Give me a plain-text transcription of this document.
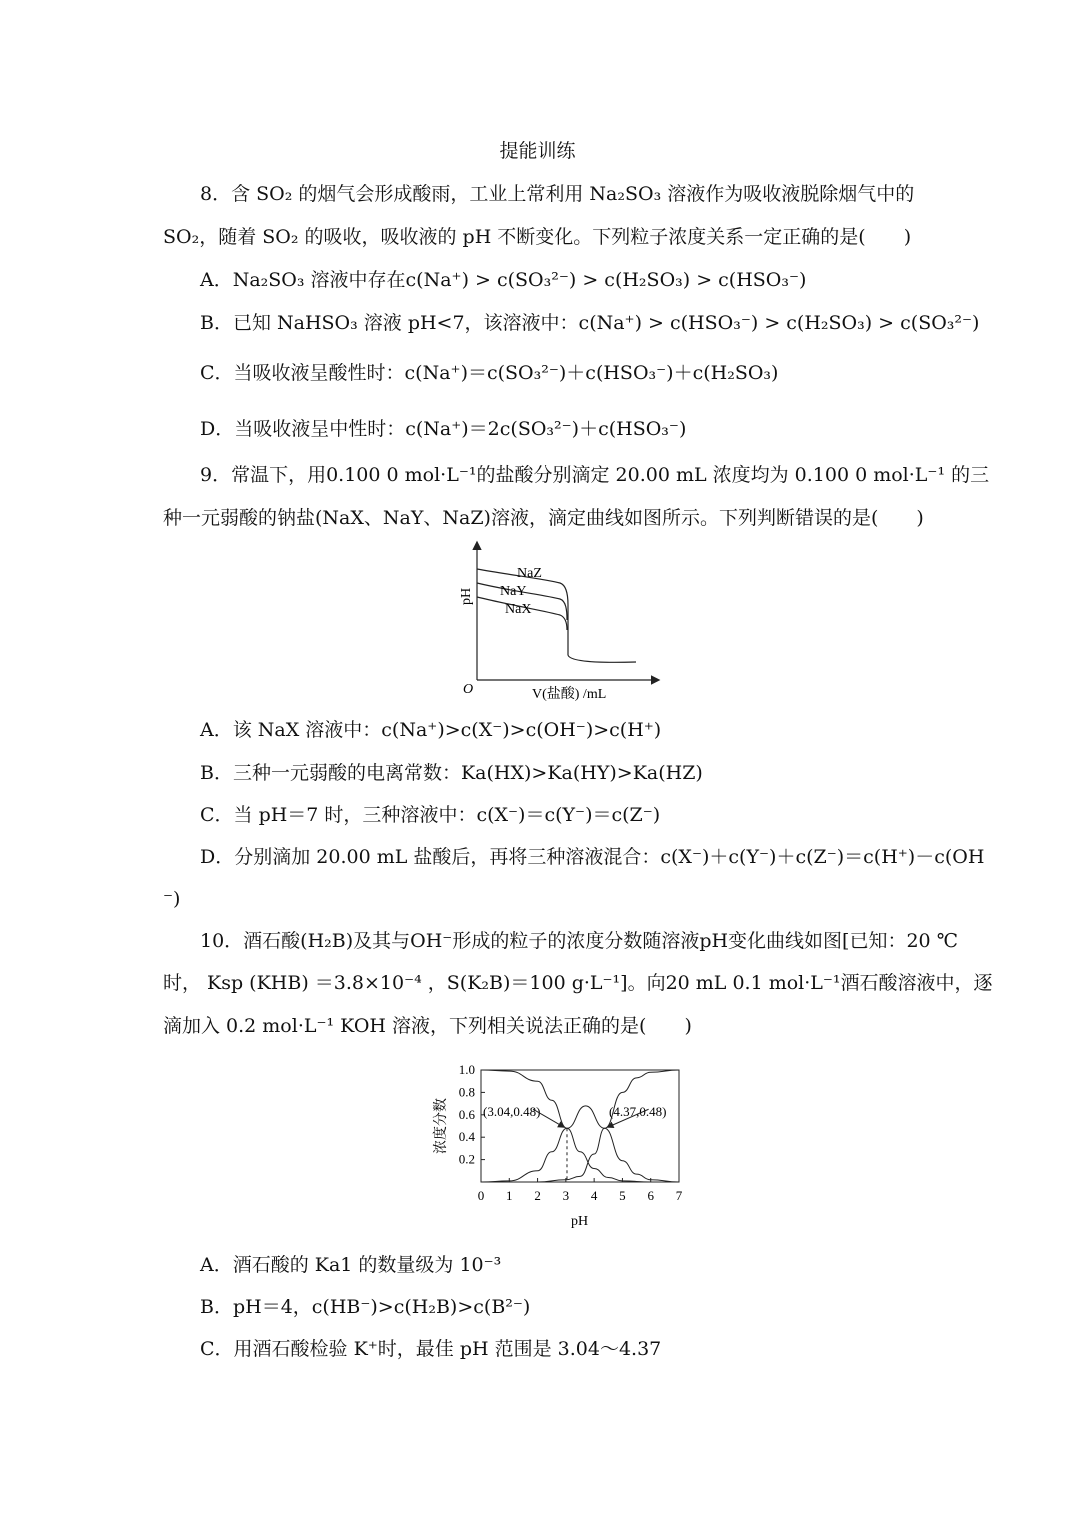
提能训练
8．含 SO₂ 的烟气会形成酸雨，工业上常利用 Na₂SO₃ 溶液作为吸收液脱除烟气中的
SO₂，随着 SO₂ 的吸收，吸收液的 pH 不断变化。下列粒子浓度关系一定正确的是(　　)
A．Na₂SO₃ 溶液中存在c(Na⁺) > c(SO₃²⁻) > c(H₂SO₃) > c(HSO₃⁻)
B．已知 NaHSO₃ 溶液 pH<7，该溶液中：c(Na⁺) > c(HSO₃⁻) > c(H₂SO₃) > c(SO₃²⁻)
C．当吸收液呈酸性时：c(Na⁺)＝c(SO₃²⁻)＋c(HSO₃⁻)＋c(H₂SO₃)
D．当吸收液呈中性时：c(Na⁺)＝2c(SO₃²⁻)＋c(HSO₃⁻)
9．常温下，用0.100 0 mol·L⁻¹的盐酸分别滴定 20.00 mL 浓度均为 0.100 0 mol·L⁻¹ 的三
种一元弱酸的钠盐(NaX、NaY、NaZ)溶液，滴定曲线如图所示。下列判断错误的是(　　)
NaZ
NaY
NaX
pH
O	V(盐酸) /mL
A．该 NaX 溶液中：c(Na⁺)>c(X⁻)>c(OH⁻)>c(H⁺)
B．三种一元弱酸的电离常数：Ka(HX)>Ka(HY)>Ka(HZ)
C．当 pH＝7 时，三种溶液中：c(X⁻)＝c(Y⁻)＝c(Z⁻)
D．分别滴加 20.00 mL 盐酸后，再将三种溶液混合：c(X⁻)＋c(Y⁻)＋c(Z⁻)＝c(H⁺)－c(OH
⁻)
10．酒石酸(H₂B)及其与OH⁻形成的粒子的浓度分数随溶液pH变化曲线如图[已知：20 ℃
时， Ksp (KHB) ＝3.8×10⁻⁴ ，S(K₂B)＝100 g·L⁻¹]。向20 mL 0.1 mol·L⁻¹酒石酸溶液中，逐
滴加入 0.2 mol·L⁻¹ KOH 溶液，下列相关说法正确的是(　　)
0.2
0.4
0.6
0.8
1.0
0 1 2 3 4 5 6 7
(3.04,0.48)	(4.37,0.48)
浓度分数
pH
A．酒石酸的 Ka1 的数量级为 10⁻³
B．pH＝4，c(HB⁻)>c(H₂B)>c(B²⁻)
C．用酒石酸检验 K⁺时，最佳 pH 范围是 3.04～4.37
